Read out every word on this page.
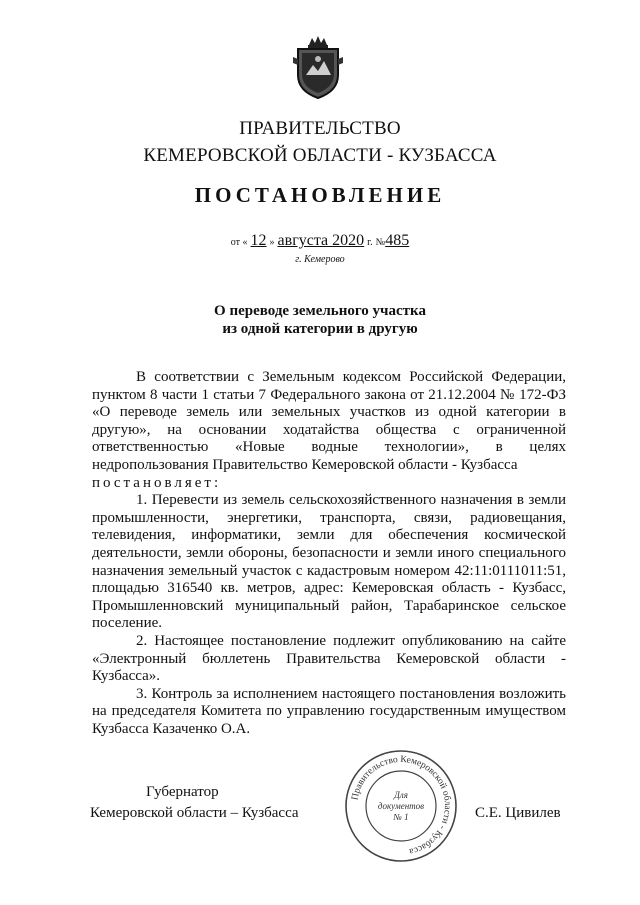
ПРАВИТЕЛЬСТВО
КЕМЕРОВСКОЙ ОБЛАСТИ - КУЗБАССА
ПОСТАНОВЛЕНИЕ
от « 12 » августа 2020 г. №485
г. Кемерово
О переводе земельного участка
из одной категории в другую

В соответствии с Земельным кодексом Российской Федерации, пунктом 8 части 1 статьи 7 Федерального закона от 21.12.2004 № 172-ФЗ «О переводе земель или земельных участков из одной категории в другую», на основании ходатайства общества с ограниченной ответственностью «Новые водные технологии», в целях недропользования Правительство Кемеровской области - Кузбасса

постановляет:

1. Перевести из земель сельскохозяйственного назначения в земли промышленности, энергетики, транспорта, связи, радиовещания, телевидения, информатики, земли для обеспечения космической деятельности, земли обороны, безопасности и земли иного специального назначения земельный участок с кадастровым номером 42:11:0111011:51, площадью 316540 кв. метров, адрес: Кемеровская область - Кузбасс, Промышленновский муниципальный район, Тарабаринское сельское поселение.

2. Настоящее постановление подлежит опубликованию на сайте «Электронный бюллетень Правительства Кемеровской области - Кузбасса».

3. Контроль за исполнением настоящего постановления возложить на председателя Комитета по управлению государственным имуществом Кузбасса Казаченко О.А.

Губернатор
Кемеровской области – Кузбасса	С.Е. Цивилев
Правительство Кемеровской области - Кузбасса
Для
документов
№ 1
